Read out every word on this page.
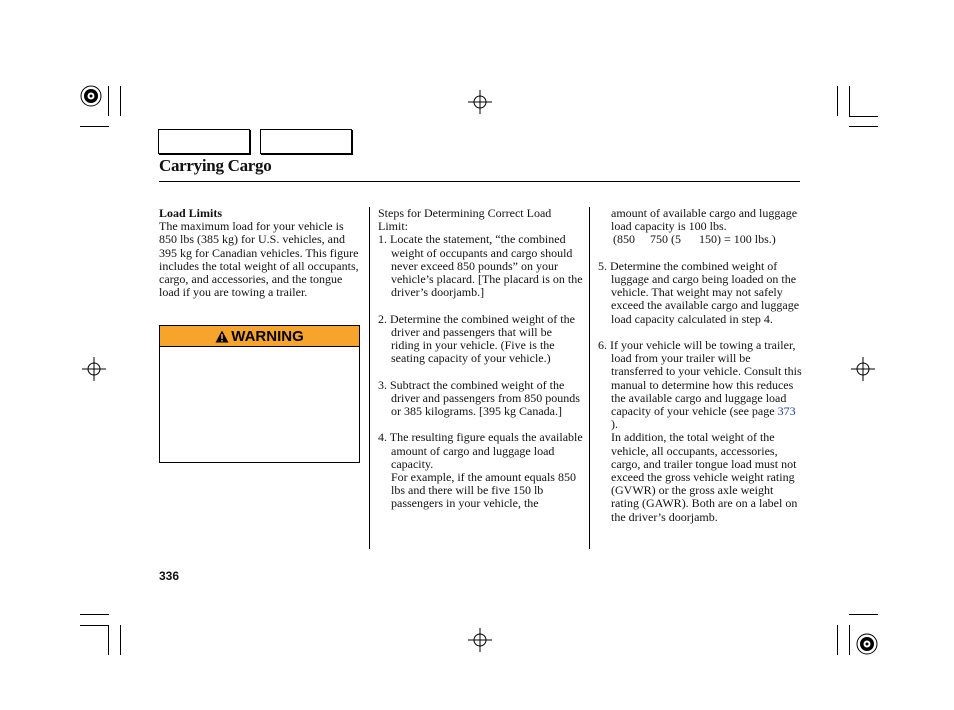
Carrying Cargo

Load Limits

The maximum load for your vehicle is 850 lbs (385 kg) for U.S. vehicles, and 395 kg for Canadian vehicles. This figure includes the total weight of all occupants, cargo, and accessories, and the tongue load if you are towing a trailer.

WARNING

Steps for Determining Correct Load Limit:

1. Locate the statement, “the combined weight of occupants and cargo should never exceed 850 pounds” on your vehicle’s placard. [The placard is on the driver’s doorjamb.]

2. Determine the combined weight of the driver and passengers that will be riding in your vehicle. (Five is the seating capacity of your vehicle.)

3. Subtract the combined weight of the driver and passengers from 850 pounds or 385 kilograms. [395 kg Canada.]

4. The resulting figure equals the available amount of cargo and luggage load capacity.

For example, if the amount equals 850 lbs and there will be five 150 lb passengers in your vehicle, the

amount of available cargo and luggage load capacity is 100 lbs.

(850     750 (5      150) = 100 lbs.)

5. Determine the combined weight of luggage and cargo being loaded on the vehicle. That weight may not safely exceed the available cargo and luggage load capacity calculated in step 4.

6. If your vehicle will be towing a trailer, load from your trailer will be transferred to your vehicle. Consult this manual to determine how this reduces the available cargo and luggage load capacity of your vehicle (see page 373 ).

In addition, the total weight of the vehicle, all occupants, accessories, cargo, and trailer tongue load must not exceed the gross vehicle weight rating (GVWR) or the gross axle weight rating (GAWR). Both are on a label on the driver’s doorjamb.

336
